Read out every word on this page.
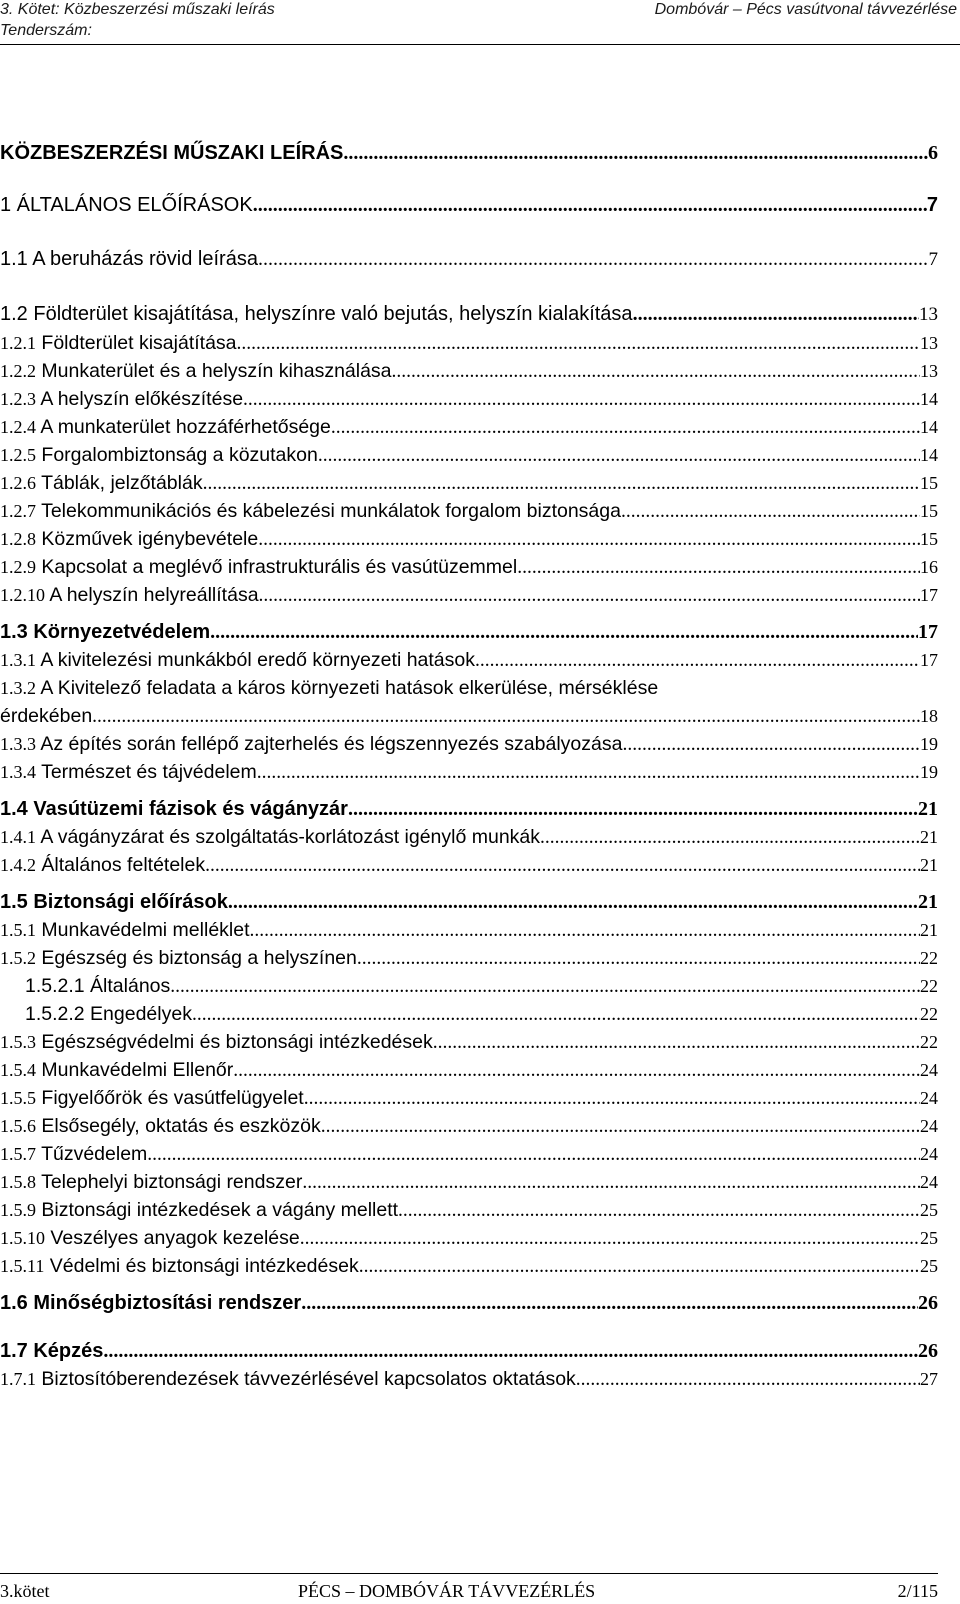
3. Kötet: Közbeszerzési műszaki leírás
Tenderszám:
Dombóvár – Pécs vasútvonal távvezérlése
KÖZBESZERZÉSI MŰSZAKI LEÍRÁS .....	6
1 ÁLTALÁNOS ELŐÍRÁSOK .....	7
1.1 A beruházás rövid leírása .....	7
1.2 Földterület kisajátítása, helyszínre való bejutás, helyszín kialakítása .....	13
1.2.1 Földterület kisajátítása .....	13
1.2.2 Munkaterület és a helyszín kihasználása .....	13
1.2.3 A helyszín előkészítése .....	14
1.2.4 A munkaterület hozzáférhetősége .....	14
1.2.5 Forgalombiztonság a közutakon .....	14
1.2.6 Táblák, jelzőtáblák .....	15
1.2.7 Telekommunikációs és kábelezési munkálatok forgalom biztonsága .....	15
1.2.8 Közművek igénybevétele .....	15
1.2.9 Kapcsolat a meglévő infrastrukturális és vasútüzemmel .....	16
1.2.10 A helyszín helyreállítása .....	17
1.3 Környezetvédelem .....	17
1.3.1 A kivitelezési munkákból eredő környezeti hatások .....	17
1.3.2 A Kivitelező feladata a káros környezeti hatások elkerülése, mérséklése
érdekében .....	18
1.3.3 Az építés során fellépő zajterhelés és légszennyezés szabályozása .....	19
1.3.4 Természet és tájvédelem .....	19
1.4 Vasútüzemi fázisok és vágányzár .....	21
1.4.1 A vágányzárat és szolgáltatás-korlátozást igénylő munkák .....	21
1.4.2 Általános feltételek .....	21
1.5 Biztonsági előírások .....	21
1.5.1 Munkavédelmi melléklet .....	21
1.5.2 Egészség és biztonság a helyszínen .....	22
1.5.2.1 Általános .....	22
1.5.2.2 Engedélyek .....	22
1.5.3 Egészségvédelmi és biztonsági intézkedések .....	22
1.5.4 Munkavédelmi Ellenőr .....	24
1.5.5 Figyelőőrök és vasútfelügyelet .....	24
1.5.6 Elsősegély, oktatás és eszközök .....	24
1.5.7 Tűzvédelem .....	24
1.5.8 Telephelyi biztonsági rendszer .....	24
1.5.9 Biztonsági intézkedések a vágány mellett .....	25
1.5.10 Veszélyes anyagok kezelése .....	25
1.5.11 Védelmi és biztonsági intézkedések .....	25
1.6 Minőségbiztosítási rendszer .....	26
1.7 Képzés .....	26
1.7.1 Biztosítóberendezések távvezérlésével kapcsolatos oktatások .....	27
3.kötet	PÉCS – DOMBÓVÁR TÁVVEZÉRLÉS	2/115
